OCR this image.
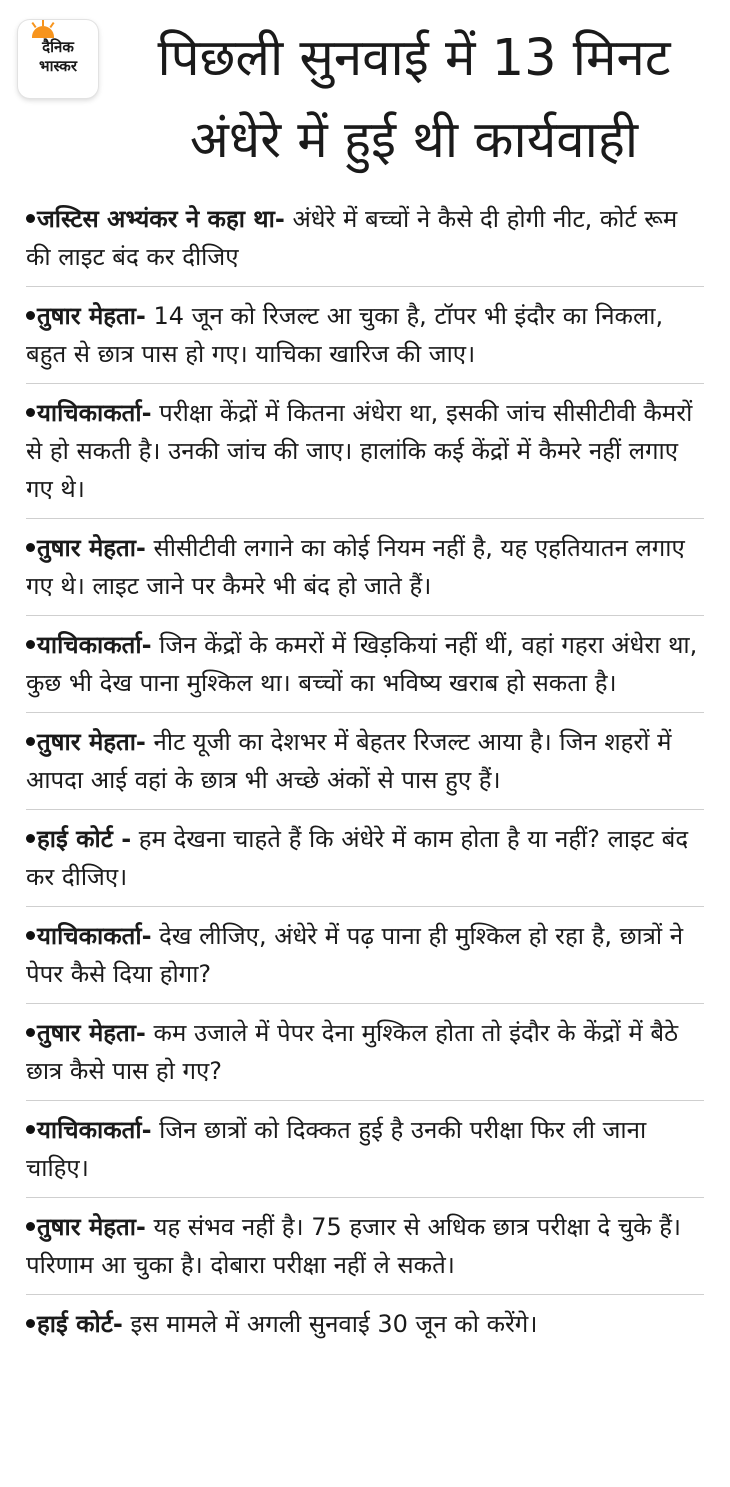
दैनिक
भास्कर	पिछली सुनवाई में 13 मिनट
अंधेरे में हुई थी कार्यवाही
जस्टिस अभ्यंकर ने कहा था- अंधेरे में बच्चों ने कैसे दी होगी नीट, कोर्ट रूम की लाइट बंद कर दीजिए
तुषार मेहता- 14 जून को रिजल्ट आ चुका है, टॉपर भी इंदौर का निकला, बहुत से छात्र पास हो गए। याचिका खारिज की जाए।
याचिकाकर्ता- परीक्षा केंद्रों में कितना अंधेरा था, इसकी जांच सीसीटीवी कैमरों से हो सकती है। उनकी जांच की जाए। हालांकि कई केंद्रों में कैमरे नहीं लगाए गए थे।
तुषार मेहता- सीसीटीवी लगाने का कोई नियम नहीं है, यह एहतियातन लगाए गए थे। लाइट जाने पर कैमरे भी बंद हो जाते हैं।
याचिकाकर्ता- जिन केंद्रों के कमरों में खिड़कियां नहीं थीं, वहां गहरा अंधेरा था, कुछ भी देख पाना मुश्किल था। बच्चों का भविष्य खराब हो सकता है।
तुषार मेहता- नीट यूजी का देशभर में बेहतर रिजल्ट आया है। जिन शहरों में आपदा आई वहां के छात्र भी अच्छे अंकों से पास हुए हैं।
हाई कोर्ट - हम देखना चाहते हैं कि अंधेरे में काम होता है या नहीं? लाइट बंद कर दीजिए।
याचिकाकर्ता- देख लीजिए, अंधेरे में पढ़ पाना ही मुश्किल हो रहा है, छात्रों ने पेपर कैसे दिया होगा?
तुषार मेहता- कम उजाले में पेपर देना मुश्किल होता तो इंदौर के केंद्रों में बैठे छात्र कैसे पास हो गए?
याचिकाकर्ता- जिन छात्रों को दिक्कत हुई है उनकी परीक्षा फिर ली जाना चाहिए।
तुषार मेहता- यह संभव नहीं है। 75 हजार से अधिक छात्र परीक्षा दे चुके हैं। परिणाम आ चुका है। दोबारा परीक्षा नहीं ले सकते।
हाई कोर्ट- इस मामले में अगली सुनवाई 30 जून को करेंगे।
